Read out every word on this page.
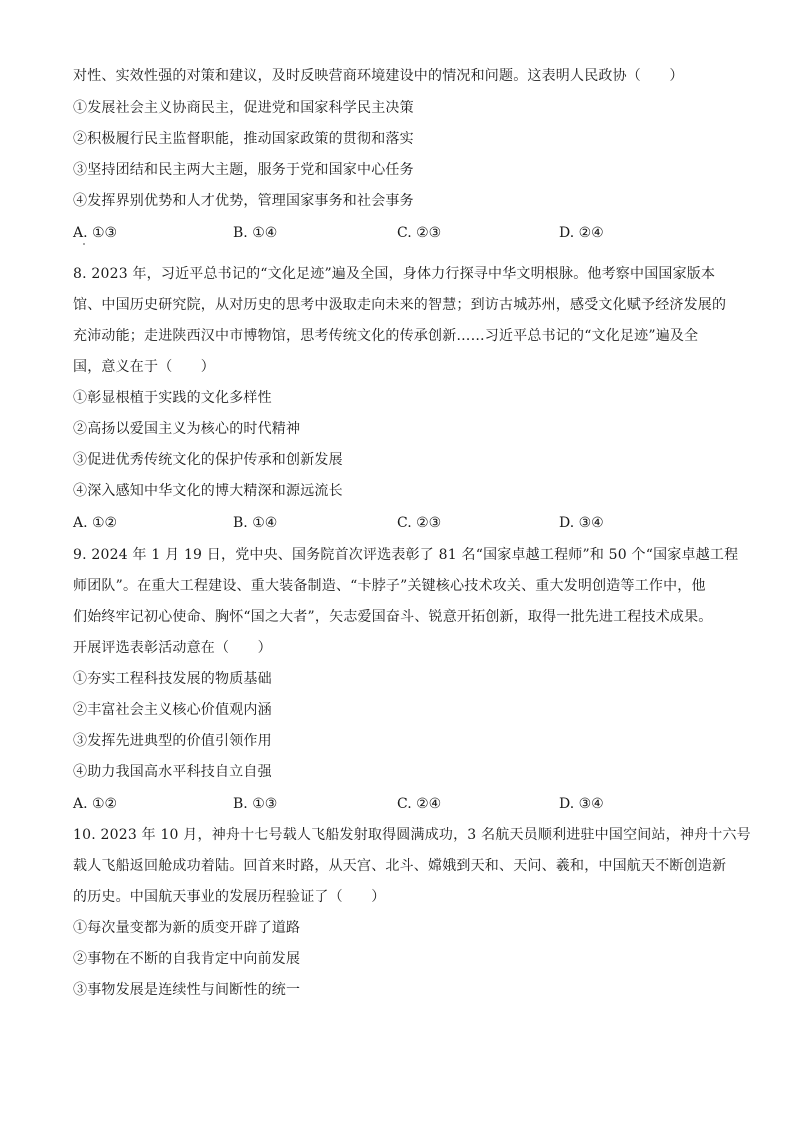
对性、实效性强的对策和建议，及时反映营商环境建设中的情况和问题。这表明人民政协（　　）
①发展社会主义协商民主，促进党和国家科学民主决策
②积极履行民主监督职能，推动国家政策的贯彻和落实
③坚持团结和民主两大主题，服务于党和国家中心任务
④发挥界别优势和人才优势，管理国家事务和社会事务
A. ①③	B. ①④	C. ②③	D. ②④
8. 2023 年，习近平总书记的“文化足迹”遍及全国，身体力行探寻中华文明根脉。他考察中国国家版本
馆、中国历史研究院，从对历史的思考中汲取走向未来的智慧；到访古城苏州，感受文化赋予经济发展的
充沛动能；走进陕西汉中市博物馆，思考传统文化的传承创新……习近平总书记的“文化足迹”遍及全
国，意义在于（　　）
①彰显根植于实践的文化多样性
②高扬以爱国主义为核心的时代精神
③促进优秀传统文化的保护传承和创新发展
④深入感知中华文化的博大精深和源远流长
A. ①②	B. ①④	C. ②③	D. ③④
9. 2024 年 1 月 19 日，党中央、国务院首次评选表彰了 81 名“国家卓越工程师”和 50 个“国家卓越工程
师团队”。在重大工程建设、重大装备制造、“卡脖子”关键核心技术攻关、重大发明创造等工作中，他
们始终牢记初心使命、胸怀“国之大者”，矢志爱国奋斗、锐意开拓创新，取得一批先进工程技术成果。
开展评选表彰活动意在（　　）
①夯实工程科技发展的物质基础
②丰富社会主义核心价值观内涵
③发挥先进典型的价值引领作用
④助力我国高水平科技自立自强
A. ①②	B. ①③	C. ②④	D. ③④
10. 2023 年 10 月，神舟十七号载人飞船发射取得圆满成功，3 名航天员顺利进驻中国空间站，神舟十六号
载人飞船返回舱成功着陆。回首来时路，从天宫、北斗、嫦娥到天和、天问、羲和，中国航天不断创造新
的历史。中国航天事业的发展历程验证了（　　）
①每次量变都为新的质变开辟了道路
②事物在不断的自我肯定中向前发展
③事物发展是连续性与间断性的统一
